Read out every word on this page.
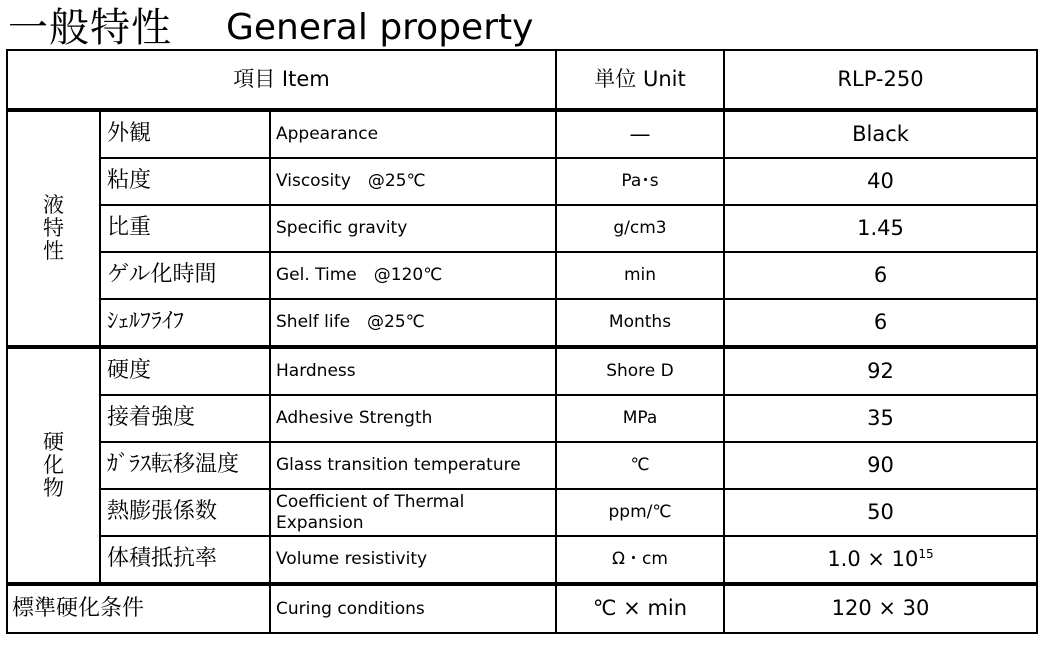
一般特性 General property
項目 Item			単位 Unit	RLP-250

液
特
性	外観	Appearance	—	Black
	粘度	Viscosity　@25℃	Pa･s	40
	比重	Specific gravity	g/cm3	1.45
	ゲル化時間	Gel. Time　@120℃	min	6
	ｼｪﾙﾌﾗｲﾌ	Shelf life　@25℃	Months	6

硬
化
物	硬度	Hardness	Shore D	92
	接着強度	Adhesive Strength	MPa	35
	ｶﾞﾗｽ転移温度	Glass transition temperature	℃	90
	熱膨張係数	Coefficient of Thermal Expansion	ppm/℃	50
	体積抵抗率	Volume resistivity	Ω・cm	$1.0 \times 10^{15}$
標準硬化条件		Curing conditions	℃ × min	120 × 30
